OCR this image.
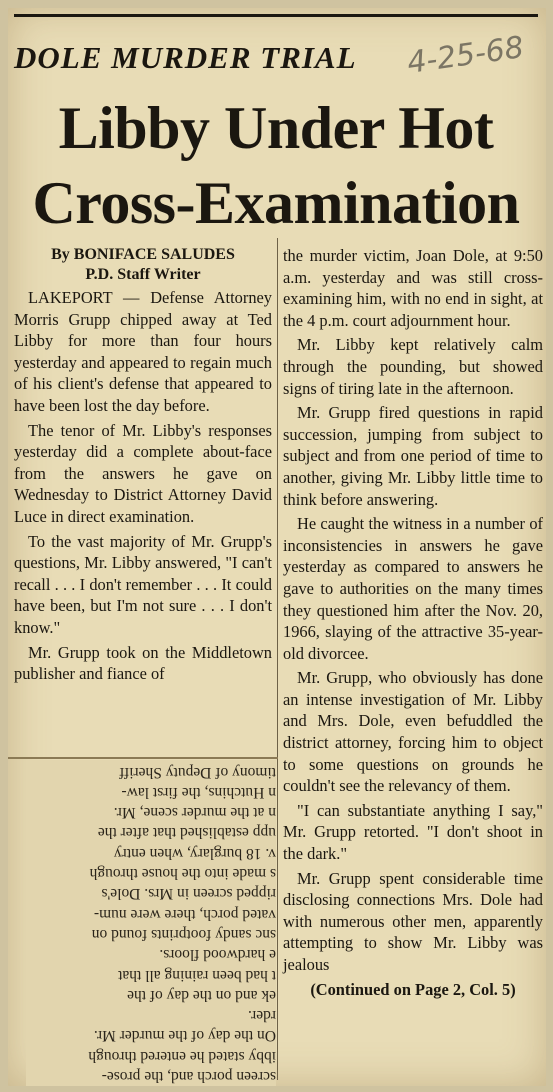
DOLE MURDER TRIAL 4-25-68
Libby Under Hot
Cross-Examination
By BONIFACE SALUDES
P.D. Staff Writer

LAKEPORT — Defense Attorney Morris Grupp chipped away at Ted Libby for more than four hours yesterday and appeared to regain much of his client's defense that appeared to have been lost the day before.

The tenor of Mr. Libby's responses yesterday did a complete about-face from the answers he gave on Wednesday to District Attorney David Luce in direct examination.

To the vast majority of Mr. Grupp's questions, Mr. Libby answered, "I can't recall . . . I don't remember . . . It could have been, but I'm not sure . . . I don't know."

Mr. Grupp took on the Middletown publisher and fiance of

the murder victim, Joan Dole, at 9:50 a.m. yesterday and was still cross- examining him, with no end in sight, at the 4 p.m. court adjournment hour.

Mr. Libby kept relatively calm through the pounding, but showed signs of tiring late in the afternoon.

Mr. Grupp fired questions in rapid succession, jumping from subject to subject and from one period of time to another, giving Mr. Libby little time to think before answering.

He caught the witness in a number of inconsistencies in answers he gave yesterday as compared to answers he gave to authorities on the many times they questioned him after the Nov. 20, 1966, slaying of the attractive 35-year-old divorcee.

Mr. Grupp, who obviously has done an intense investigation of Mr. Libby and Mrs. Dole, even befuddled the district attorney, forcing him to object to some questions on grounds he couldn't see the relevancy of them.

"I can substantiate anything I say," Mr. Grupp retorted. "I don't shoot in the dark."

Mr. Grupp spent considerable time disclosing connections Mrs. Dole had with numerous other men, apparently attempting to show Mr. Libby was jealous

(Continued on Page 2, Col. 5)
screen porch and, the prose-
ibby stated he entered through
On the day of the murder Mr.
rder.
ek and on the day of the
t had been raining all that
e hardwood floors.
snc sandy footprints found on
vated porch, there were num-
ripped screen in Mrs. Dole's
s made into the house through
v. 18 burglary, when entry
upp established that after the
n at the murder scene, Mr.
n Hutchins, the first law-
timony of Deputy Sheriff
